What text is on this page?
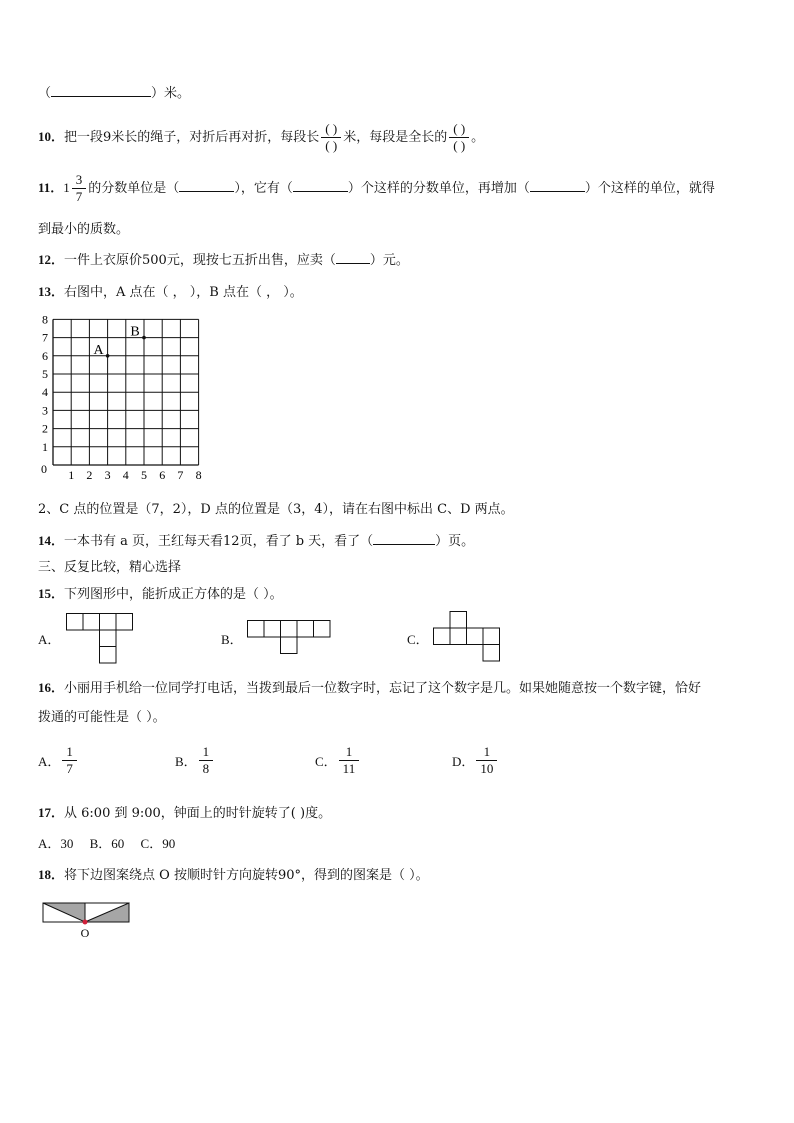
（	）米。
10．把一段9米长的绳子，对折后再对折，每段长 $\frac{( )}{( )}$ 米，每段是全长的 $\frac{( )}{( )}$ 。
11．$1 \frac{3}{7}$ 的分数单位是（	），它有（	）个这样的分数单位，再增加（	）个这样的单位，就得
到最小的质数。
12．一件上衣原价500元，现按七五折出售，应卖（	）元。
13．右图中，A 点在（ ， ），B 点在（ ， ）。
0 1 2 3 4 5 6 7 8
1
2
3
4
5
6
7
8
A
B
2、C 点的位置是（7，2），D 点的位置是（3，4），请在右图中标出 C、D 两点。
14．一本书有 a 页，王红每天看12页，看了 b 天，看了（	）页。
三、反复比较，精心选择
15．下列图形中，能折成正方体的是（ ）。
A．	B．	C．
16．小丽用手机给一位同学打电话，当拨到最后一位数字时，忘记了这个数字是几。如果她随意按一个数字键，恰好
拨通的可能性是（ ）。
A． $\frac{1}{7}$	B． $\frac{1}{8}$	C． $\frac{1}{11}$	D． $\frac{1}{10}$
17．从 6:00 到 9:00，钟面上的时针旋转了( )度。
A．30     B．60     C．90
18．将下边图案绕点 O 按顺时针方向旋转90°，得到的图案是（ ）。
O
